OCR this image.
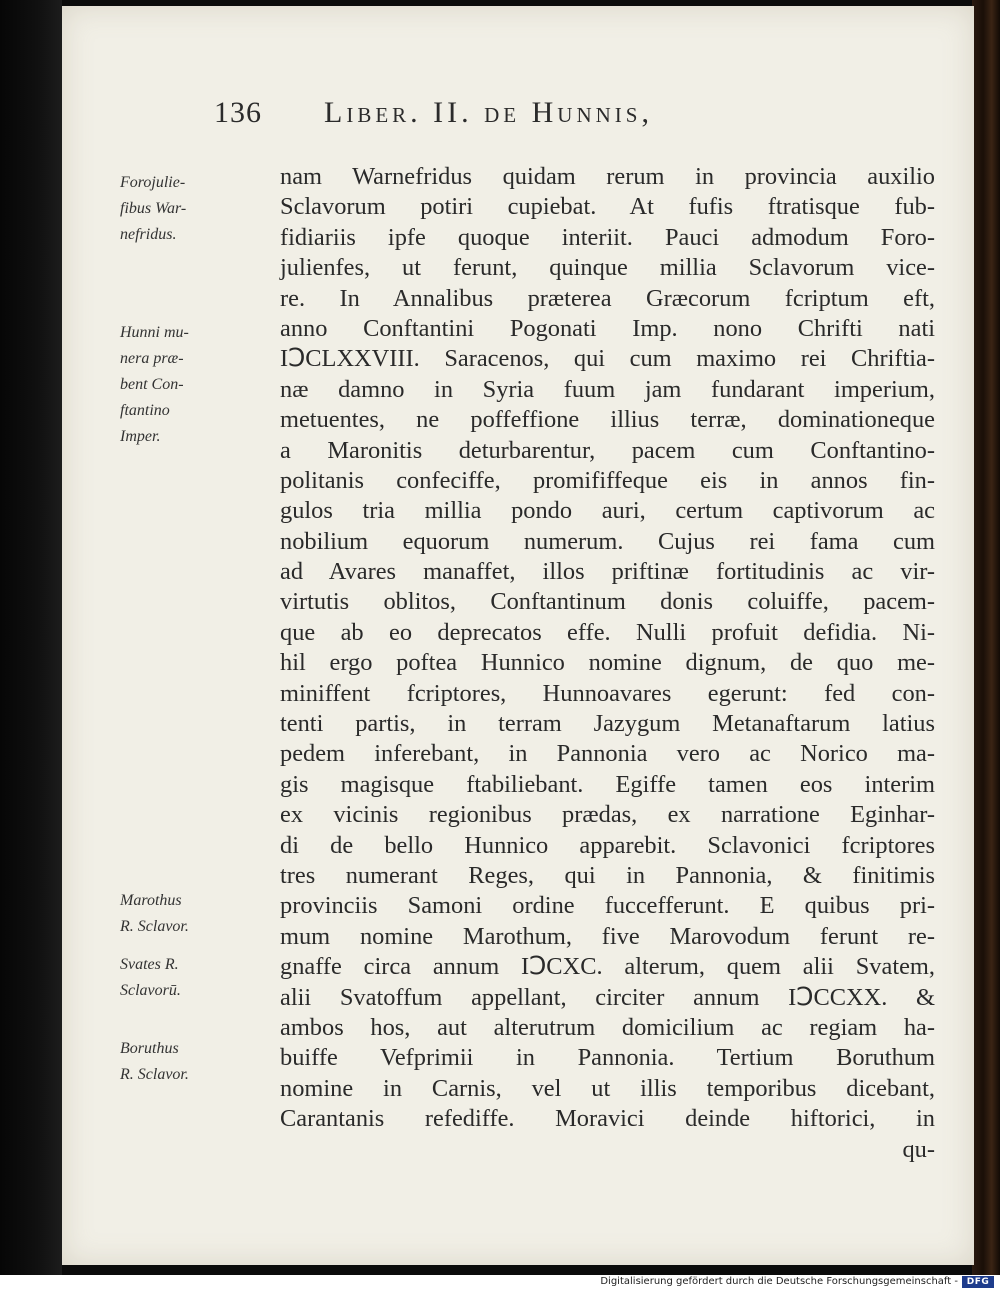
136 Liber. II. de Hunnis,
Forojulie-
fibus War-
nefridus.
Hunni mu-
nera præ-
bent Con-
ftantino
Imper.
Marothus
R. Sclavor.
Svates R.
Sclavorū.
Boruthus
R. Sclavor.
nam Warnefridus quidam rerum in provincia auxilio
Sclavorum potiri cupiebat. At fufis ftratisque fub-
fidiariis ipfe quoque interiit. Pauci admodum Foro-
julienfes, ut ferunt, quinque millia Sclavorum vice-
re. In Annalibus præterea Græcorum fcriptum eft,
anno Conftantini Pogonati Imp. nono Chrifti nati
IↃCLXXVIII. Saracenos, qui cum maximo rei Chriftia-
næ damno in Syria fuum jam fundarant imperium,
metuentes, ne poffeffione illius terræ, dominationeque
a Maronitis deturbarentur, pacem cum Conftantino-
politanis confeciffe, promififfeque eis in annos fin-
gulos tria millia pondo auri, certum captivorum ac
nobilium equorum numerum. Cujus rei fama cum
ad Avares manaffet, illos priftinæ fortitudinis ac vir-
virtutis oblitos, Conftantinum donis coluiffe, pacem-
que ab eo deprecatos effe. Nulli profuit defidia. Ni-
hil ergo poftea Hunnico nomine dignum, de quo me-
miniffent fcriptores, Hunnoavares egerunt: fed con-
tenti partis, in terram Jazygum Metanaftarum latius
pedem inferebant, in Pannonia vero ac Norico ma-
gis magisque ftabiliebant. Egiffe tamen eos interim
ex vicinis regionibus prædas, ex narratione Eginhar-
di de bello Hunnico apparebit. Sclavonici fcriptores
tres numerant Reges, qui in Pannonia, & finitimis
provinciis Samoni ordine fuccefferunt. E quibus pri-
mum nomine Marothum, five Marovodum ferunt re-
gnaffe circa annum IↃCXC. alterum, quem alii Svatem,
alii Svatoffum appellant, circiter annum IↃCCXX. &
ambos hos, aut alterutrum domicilium ac regiam ha-
buiffe Vefprimii in Pannonia. Tertium Boruthum
nomine in Carnis, vel ut illis temporibus dicebant,
Carantanis refediffe. Moravici deinde hiftorici, in
qu-
Digitalisierung gefördert durch die Deutsche Forschungsgemeinschaft - DFG
